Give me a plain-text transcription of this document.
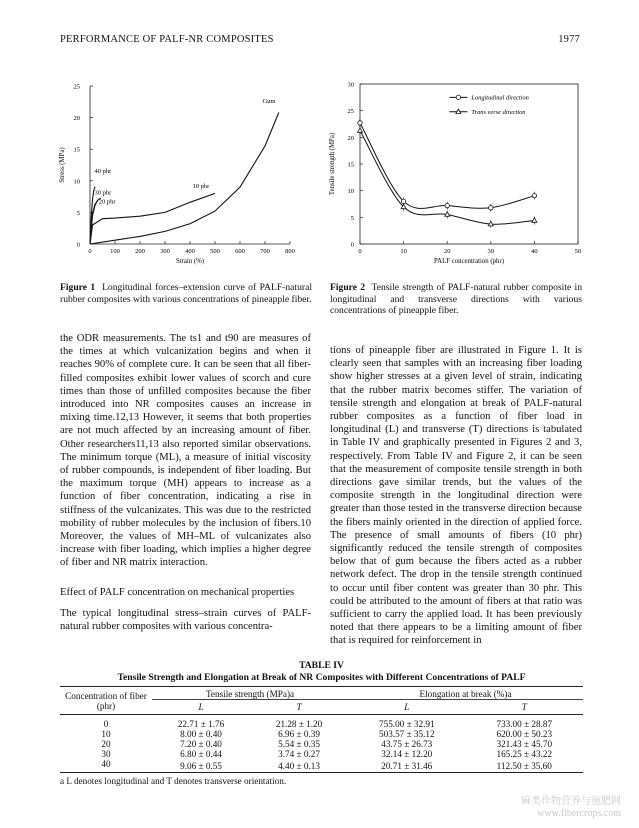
PERFORMANCE OF PALF-NR COMPOSITES	1977
0	100 200 300 400 500 600 700 800
0
5
10
15
20
25
Strain (%)
Stress (MPa)
Gum
10 phr
20 phr
30 phr
40 phr
Figure 1 Longitudinal forces–extension curve of PALF-natural rubber composites with various concentrations of pineapple fiber.
0	10	20	30	40	50
0
5
10
15
20
25
30
PALF concentration (phr)
Tensile strength (MPa)
Longitudinal direction
Trans verse direction
Figure 2 Tensile strength of PALF-natural rubber composite in longitudinal and transverse directions with various concentrations of pineapple fiber.

the ODR measurements. The ts1 and t90 are measures of the times at which vulcanization begins and when it reaches 90% of complete cure. It can be seen that all fiber-filled composites exhibit lower values of scorch and cure times than those of unfilled composites because the fiber introduced into NR composites causes an increase in mixing time.12,13 However, it seems that both properties are not much affected by an increasing amount of fiber. Other researchers11,13 also reported similar observations. The minimum torque (ML), a measure of initial viscosity of rubber compounds, is independent of fiber loading. But the maximum torque (MH) appears to increase as a function of fiber concentration, indicating a rise in stiffness of the vulcanizates. This was due to the restricted mobility of rubber molecules by the inclusion of fibers.10 Moreover, the values of MH–ML of vulcanizates also increase with fiber loading, which implies a higher degree of fiber and NR matrix interaction.

Effect of PALF concentration on mechanical properties

The typical longitudinal stress–strain curves of PALF-natural rubber composites with various concentra-

tions of pineapple fiber are illustrated in Figure 1. It is clearly seen that samples with an increasing fiber loading show higher stresses at a given level of strain, indicating that the rubber matrix becomes stiffer. The variation of tensile strength and elongation at break of PALF-natural rubber composites as a function of fiber load in longitudinal (L) and transverse (T) directions is tabulated in Table IV and graphically presented in Figures 2 and 3, respectively. From Table IV and Figure 2, it can be seen that the measurement of composite tensile strength in both directions gave similar trends, but the values of the composite strength in the longitudinal direction were greater than those tested in the transverse direction because the fibers mainly oriented in the direction of applied force. The presence of small amounts of fibers (10 phr) significantly reduced the tensile strength of composites below that of gum because the fibers acted as a rubber network defect. The drop in the tensile strength continued to occur until fiber content was greater than 30 phr. This could be attributed to the amount of fibers at that ratio was sufficient to carry the applied load. It has been previously noted that there appears to be a limiting amount of fiber that is required for reinforcement in

TABLE IV
Tensile Strength and Elongation at Break of NR Composites with Different Concentrations of PALF
Concentration of fiber (phr)	Tensile strength (MPa)a		Elongation at break (%)a	
	L	T	L	T

0	22.71 ± 1.76	21.28 ± 1.20	755.00 ± 32.91	733.00 ± 28.87
10	8.00 ± 0.40	6.96 ± 0.39	503.57 ± 35.12	620.00 ± 50.23
20	7.20 ± 0.40	5.54 ± 0.35	43.75 ± 26.73	321.43 ± 45.70
30	6.80 ± 0.44	3.74 ± 0.27	32.14 ± 12.20	165.25 ± 43.22
40	9.06 ± 0.55	4.40 ± 0.13	20.71 ± 31.46	112.50 ± 35.60

a L denotes longitudinal and T denotes transverse orientation.
麻类作物营养与施肥网
www.fibercrops.com
